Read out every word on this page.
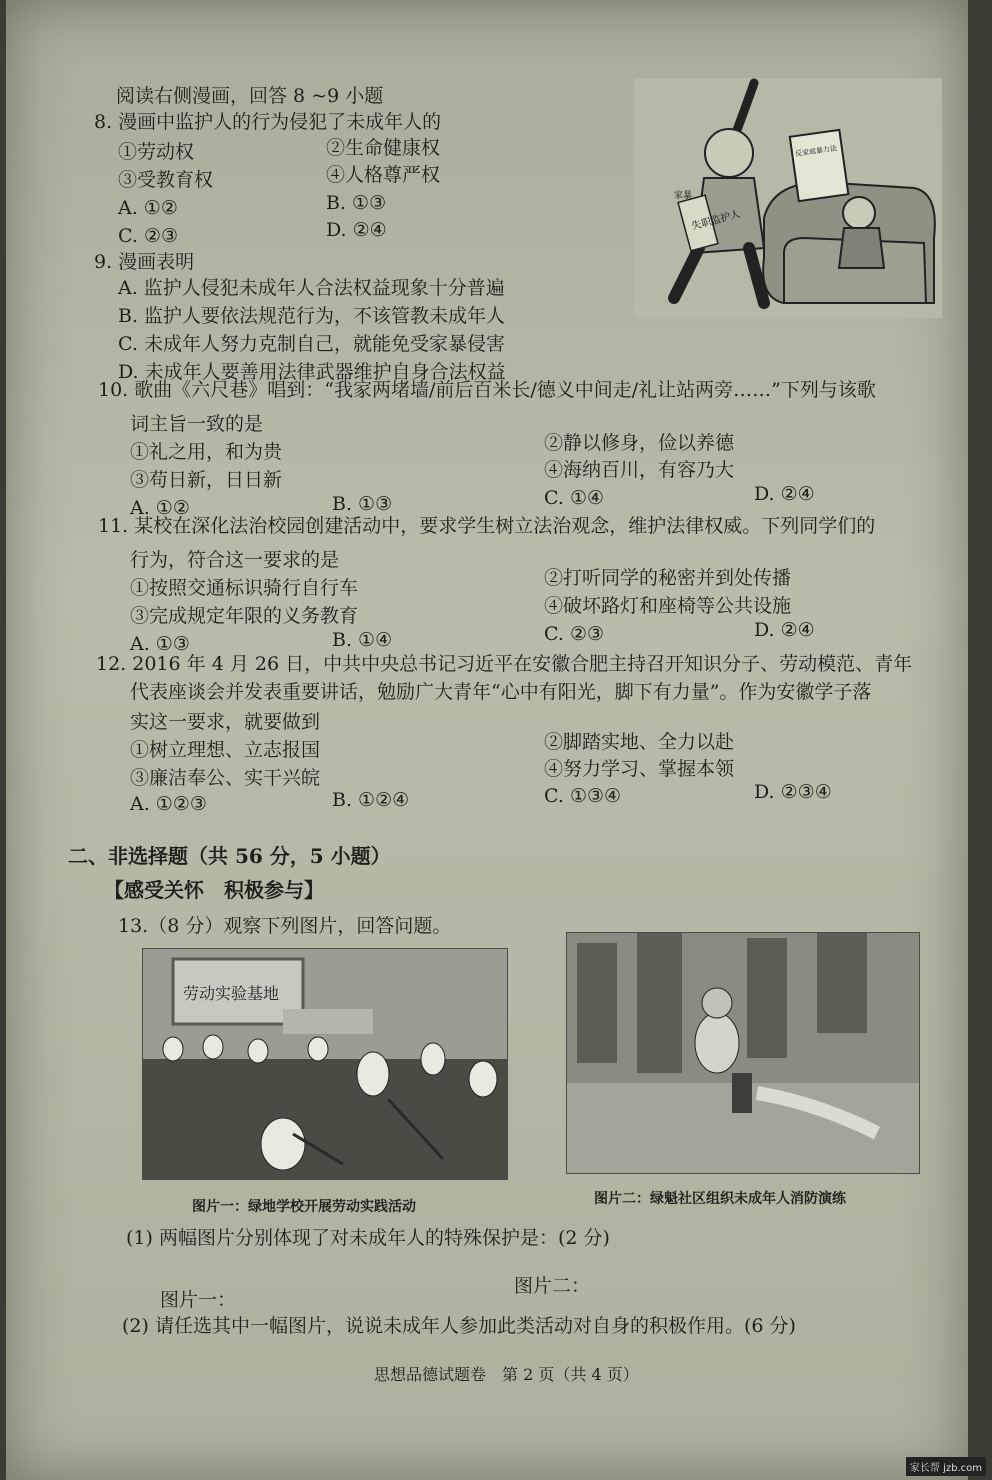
阅读右侧漫画，回答 8 ~9 小题
8. 漫画中监护人的行为侵犯了未成年人的
①劳动权	②生命健康权
③受教育权	④人格尊严权
A. ①②	B. ①③
C. ②③	D. ②④	失职监护人
家暴
反家庭暴力法
9. 漫画表明
A. 监护人侵犯未成年人合法权益现象十分普遍
B. 监护人要依法规范行为，不该管教未成年人
C. 未成年人努力克制自己，就能免受家暴侵害
D. 未成年人要善用法律武器维护自身合法权益
10. 歌曲《六尺巷》唱到：“我家两堵墙/前后百米长/德义中间走/礼让站两旁……”下列与该歌
词主旨一致的是
①礼之用，和为贵	②静以修身，俭以养德
③苟日新，日日新	④海纳百川，有容乃大
A. ①②	B. ①③	C. ①④	D. ②④
11. 某校在深化法治校园创建活动中，要求学生树立法治观念，维护法律权威。下列同学们的
行为，符合这一要求的是
①按照交通标识骑行自行车	②打听同学的秘密并到处传播
③完成规定年限的义务教育	④破坏路灯和座椅等公共设施
A. ①③	B. ①④	C. ②③	D. ②④
12. 2016 年 4 月 26 日，中共中央总书记习近平在安徽合肥主持召开知识分子、劳动模范、青年
代表座谈会并发表重要讲话，勉励广大青年“心中有阳光，脚下有力量”。作为安徽学子落
实这一要求，就要做到
①树立理想、立志报国	②脚踏实地、全力以赴
③廉洁奉公、实干兴皖	④努力学习、掌握本领
A. ①②③	B. ①②④	C. ①③④	D. ②③④
二、非选择题（共 56 分，5 小题）
【感受关怀　积极参与】
13.（8 分）观察下列图片，回答问题。
劳动实验基地
图片一：绿地学校开展劳动实践活动	图片二：绿魁社区组织未成年人消防演练
(1) 两幅图片分别体现了对未成年人的特殊保护是：(2 分)
图片二：
图片一：
(2) 请任选其中一幅图片，说说未成年人参加此类活动对自身的积极作用。(6 分)
思想品德试题卷　第 2 页（共 4 页）
家长帮 jzb.com
